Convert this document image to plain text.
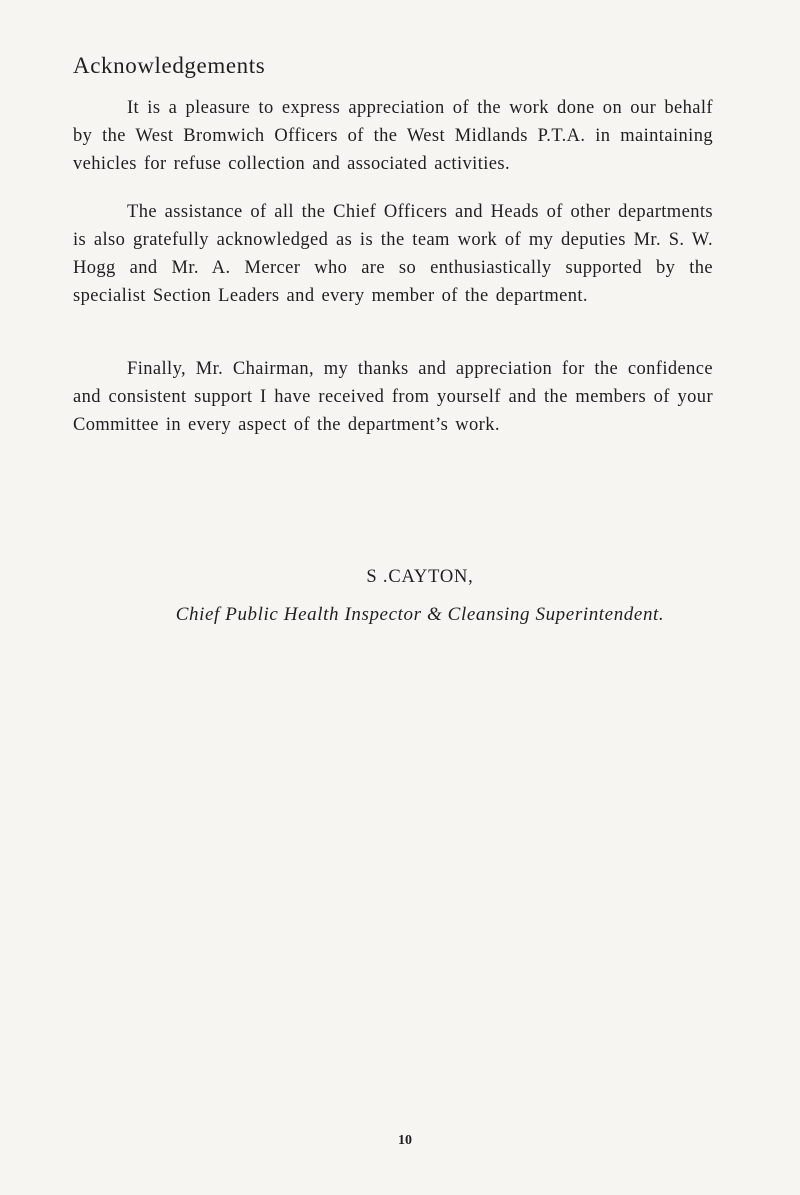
Acknowledgements

It is a pleasure to express appreciation of the work done on our behalf by the West Bromwich Officers of the West Midlands P.T.A. in maintaining vehicles for refuse collection and associated activities.

The assistance of all the Chief Officers and Heads of other departments is also gratefully acknowledged as is the team work of my deputies Mr. S. W. Hogg and Mr. A. Mercer who are so enthusiastically supported by the specialist Section Leaders and every member of the department.

Finally, Mr. Chairman, my thanks and appreciation for the confidence and consistent support I have received from yourself and the members of your Committee in every aspect of the department’s work.

S .CAYTON,

Chief Public Health Inspector & Cleansing Superintendent.

10
